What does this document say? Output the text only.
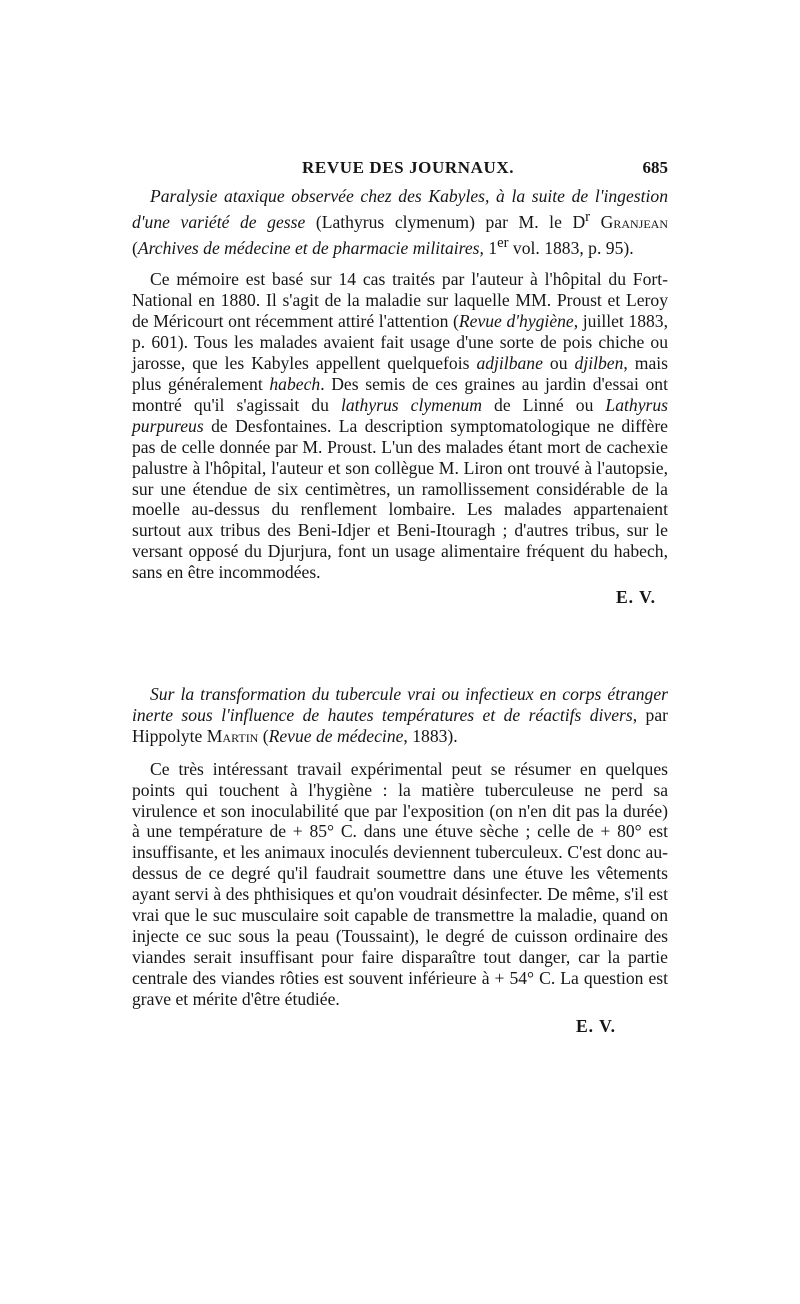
REVUE DES JOURNAUX.	685

Paralysie ataxique observée chez des Kabyles, à la suite de l'ingestion d'une variété de gesse (Lathyrus clymenum) par M. le $D^r$ Granjean (Archives de médecine et de pharmacie militaires, 1er vol. 1883, p. 95).

Ce mémoire est basé sur 14 cas traités par l'auteur à l'hôpital du Fort-National en 1880. Il s'agit de la maladie sur laquelle MM. Proust et Leroy de Méricourt ont récemment attiré l'attention (Revue d'hygiène, juillet 1883, p. 601). Tous les malades avaient fait usage d'une sorte de pois chiche ou jarosse, que les Kabyles appellent quelquefois adjilbane ou djilben, mais plus généralement habech. Des semis de ces graines au jardin d'essai ont montré qu'il s'agissait du lathyrus clymenum de Linné ou Lathyrus purpureus de Desfontaines. La description symptomatologique ne diffère pas de celle donnée par M. Proust. L'un des malades étant mort de cachexie palustre à l'hôpital, l'auteur et son collègue M. Liron ont trouvé à l'autopsie, sur une étendue de six centimètres, un ramollissement considérable de la moelle au-dessus du renflement lombaire. Les malades appartenaient surtout aux tribus des Beni-Idjer et Beni-Itouragh ; d'autres tribus, sur le versant opposé du Djurjura, font un usage alimentaire fréquent du habech, sans en être incommodées.

E. V.

Sur la transformation du tubercule vrai ou infectieux en corps étranger inerte sous l'influence de hautes températures et de réactifs divers, par Hippolyte Martin (Revue de médecine, 1883).

Ce très intéressant travail expérimental peut se résumer en quelques points qui touchent à l'hygiène : la matière tuberculeuse ne perd sa virulence et son inoculabilité que par l'exposition (on n'en dit pas la durée) à une température de + 85° C. dans une étuve sèche ; celle de + 80° est insuffisante, et les animaux inoculés deviennent tuberculeux. C'est donc au-dessus de ce degré qu'il faudrait soumettre dans une étuve les vêtements ayant servi à des phthisiques et qu'on voudrait désinfecter. De même, s'il est vrai que le suc musculaire soit capable de transmettre la maladie, quand on injecte ce suc sous la peau (Toussaint), le degré de cuisson ordinaire des viandes serait insuffisant pour faire disparaître tout danger, car la partie centrale des viandes rôties est souvent inférieure à + 54° C. La question est grave et mérite d'être étudiée.

E. V.
